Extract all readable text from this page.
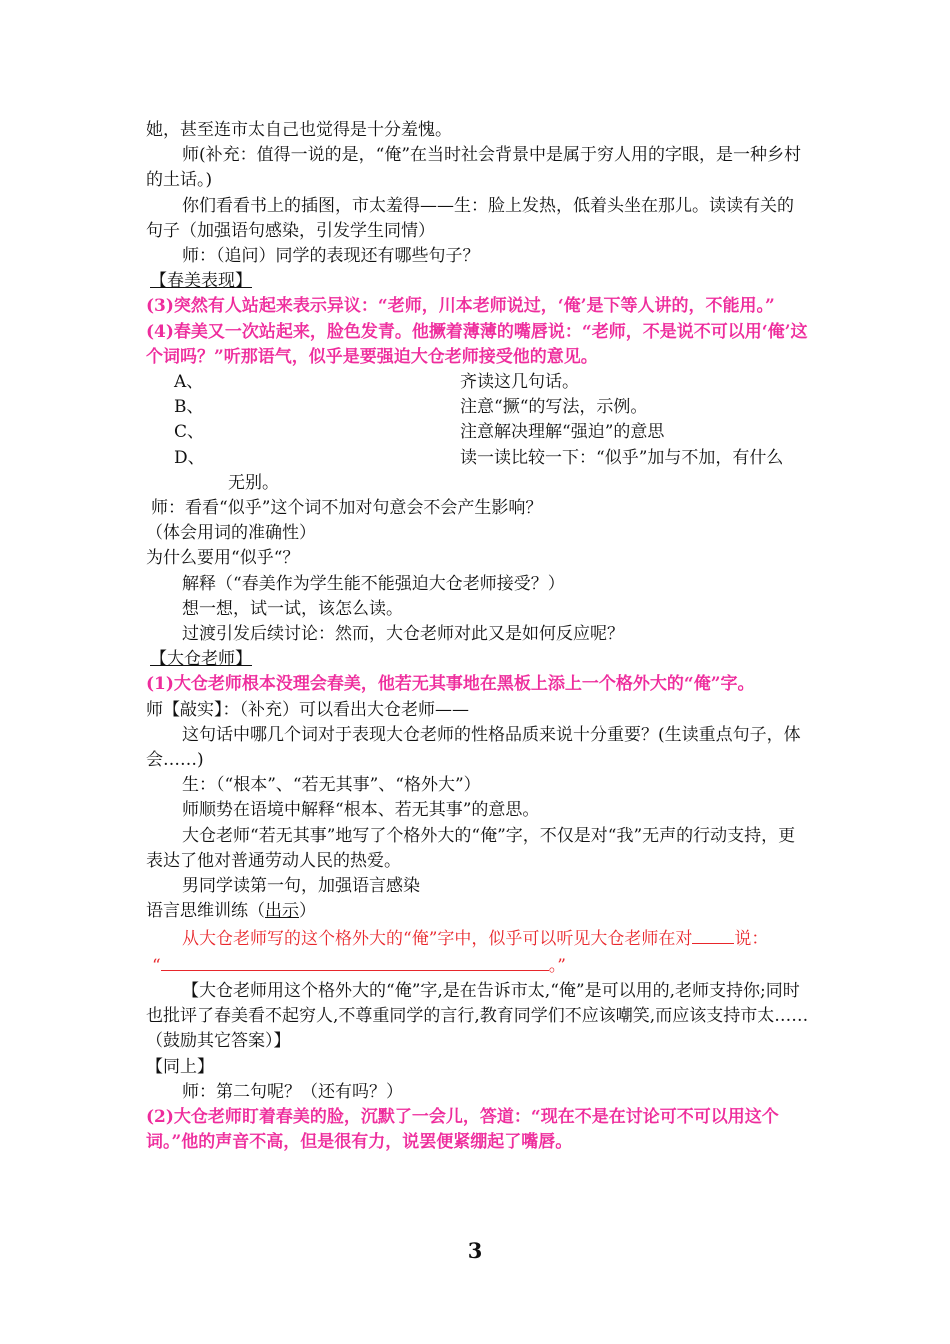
她，甚至连市太自己也觉得是十分羞愧。

师(补充：值得一说的是，“俺”在当时社会背景中是属于穷人用的字眼，是一种乡村的土话。)

你们看看书上的插图，市太羞得——生：脸上发热，低着头坐在那儿。读读有关的句子（加强语句感染，引发学生同情）

师：（追问）同学的表现还有哪些句子？

【春美表现】

(3)突然有人站起来表示异议：“老师，川本老师说过，‘俺’是下等人讲的，不能用。”

(4)春美又一次站起来，脸色发青。他撅着薄薄的嘴唇说：“老师，不是说不可以用‘俺’这个词吗？”听那语气，似乎是要强迫大仓老师接受他的意见。

A、	齐读这几句话。
B、	注意“撅“的写法，示例。
C、	注意解决理解“强迫”的意思
D、	读一读比较一下：“似乎”加与不加，有什么

无别。

师：看看“似乎”这个词不加对句意会不会产生影响？

（体会用词的准确性）

为什么要用“似乎“？

解释（“春美作为学生能不能强迫大仓老师接受？）

想一想，试一试，该怎么读。

过渡引发后续讨论：然而，大仓老师对此又是如何反应呢？

【大仓老师】

(1)大仓老师根本没理会春美，他若无其事地在黑板上添上一个格外大的“俺”字。

师【敲实】：（补充）可以看出大仓老师——

这句话中哪几个词对于表现大仓老师的性格品质来说十分重要？(生读重点句子，体会……)

生：（“根本”、“若无其事”、“格外大”）

师顺势在语境中解释“根本、若无其事”的意思。

大仓老师“若无其事”地写了个格外大的“俺”字，不仅是对“我”无声的行动支持，更表达了他对普通劳动人民的热爱。

男同学读第一句，加强语言感染

语言思维训练（出示）

从大仓老师写的这个格外大的“俺”字中，似乎可以听见大仓老师在对 说：

“	。”

【大仓老师用这个格外大的“俺”字,是在告诉市太,“俺”是可以用的,老师支持你;同时也批评了春美看不起穷人,不尊重同学的言行,教育同学们不应该嘲笑,而应该支持市太……（鼓励其它答案）】

【同上】

师：第二句呢？（还有吗？）

(2)大仓老师盯着春美的脸，沉默了一会儿，答道：“现在不是在讨论可不可以用这个词。”他的声音不高，但是很有力，说罢便紧绷起了嘴唇。

3
